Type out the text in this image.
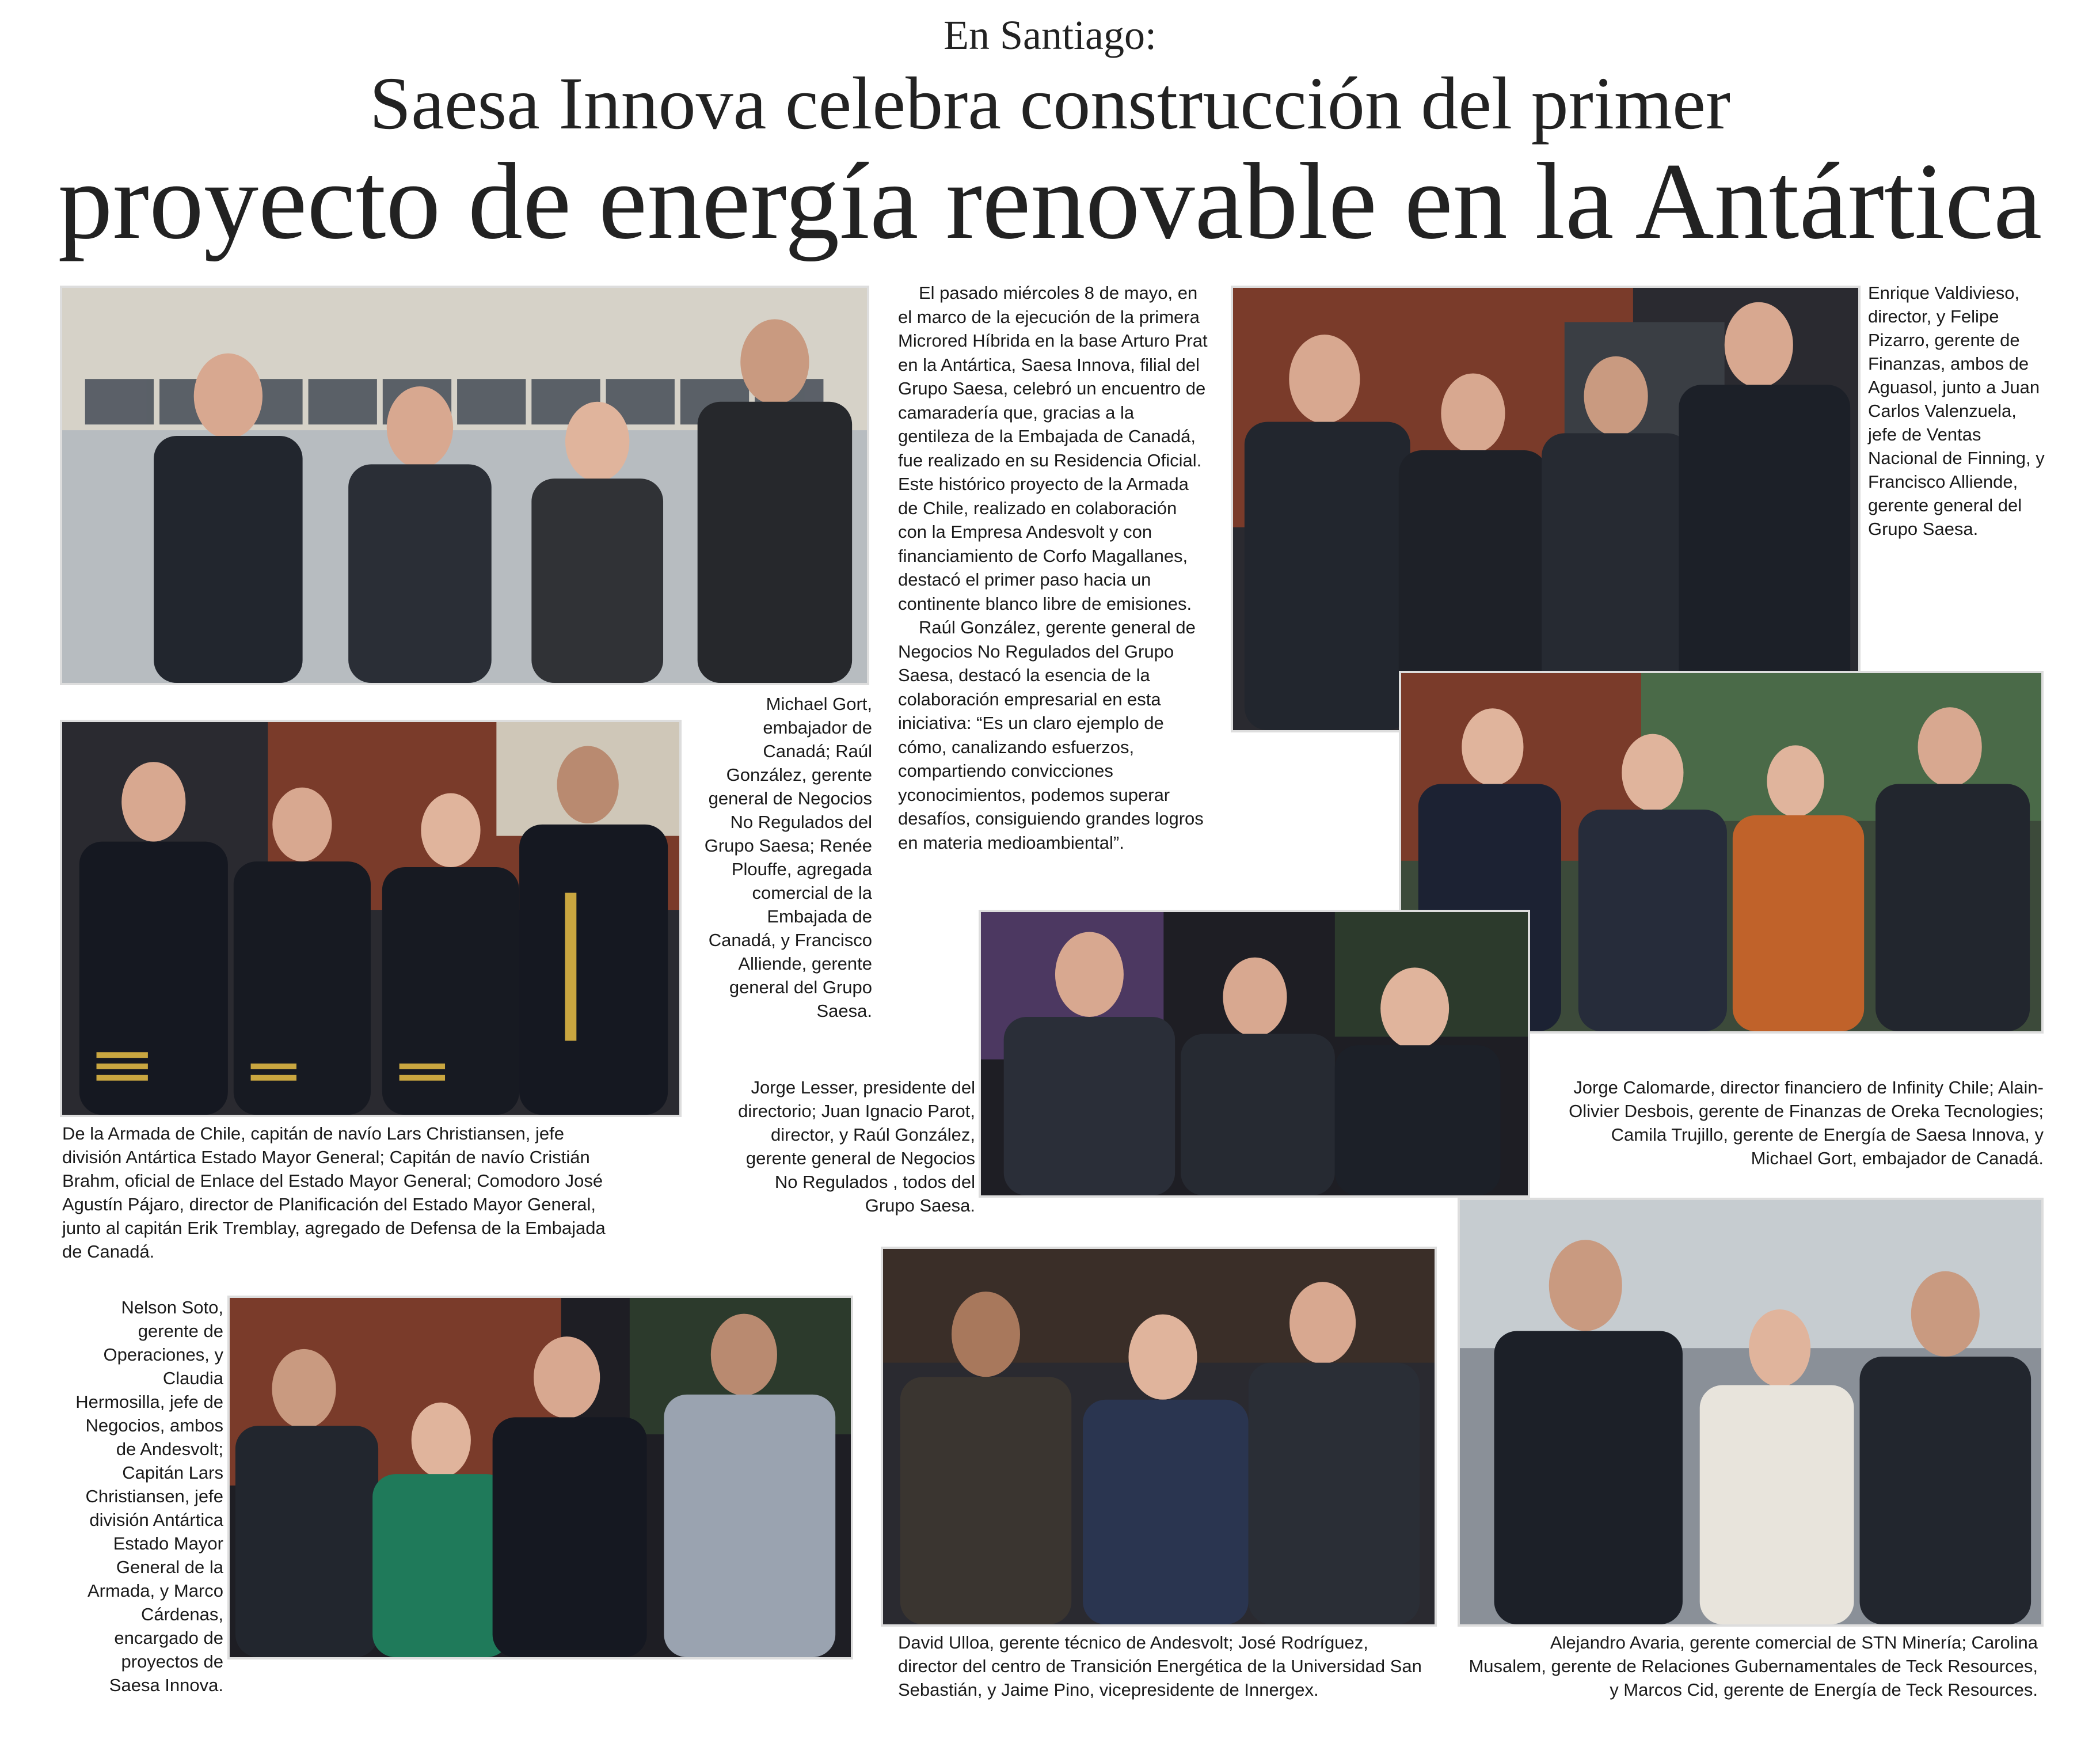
En Santiago:
Saesa Innova celebra construcción del primer
proyecto de energía renovable en la Antártica

El pasado miércoles 8 de mayo, en el marco de la ejecución de la primera Microred Híbrida en la base Arturo Prat en la Antártica, Saesa Innova, filial del Grupo Saesa, celebró un encuentro de camaradería que, gracias a la gentileza de la Embajada de Canadá, fue realizado en su Residencia Oficial. Este histórico proyecto de la Armada de Chile, realizado en colaboración con la Empresa Andesvolt y con financiamiento de Corfo Magallanes, destacó el primer paso hacia un continente blanco libre de emisiones.

Raúl González, gerente general de Negocios No Regulados del Grupo Saesa, destacó la esencia de la colaboración empresarial en esta iniciativa: “Es un claro ejemplo de cómo, canalizando esfuerzos, compartiendo convicciones yconocimientos, podemos superar desafíos, consiguiendo grandes logros en materia medioambiental”.

Michael Gort, embajador de Canadá; Raúl González, gerente general de Negocios No Regulados del Grupo Saesa; Renée Plouffe, agregada comercial de la Embajada de Canadá, y Francisco Alliende, gerente general del Grupo Saesa.

De la Armada de Chile, capitán de navío Lars Christiansen, jefe división Antártica Estado Mayor General; Capitán de navío Cristián Brahm, oficial de Enlace del Estado Mayor General; Comodoro José Agustín Pájaro, director de Planificación del Estado Mayor General, junto al capitán Erik Tremblay, agregado de Defensa de la Embajada de Canadá.

Enrique Valdivieso, director, y Felipe Pizarro, gerente de Finanzas, ambos de Aguasol, junto a Juan Carlos Valenzuela, jefe de Ventas Nacional de Finning, y Francisco Alliende, gerente general del Grupo Saesa.

Jorge Calomarde, director financiero de Infinity Chile; Alain- Olivier Desbois, gerente de Finanzas de Oreka Tecnologies; Camila Trujillo, gerente de Energía de Saesa Innova, y Michael Gort, embajador de Canadá.

Jorge Lesser, presidente del directorio; Juan Ignacio Parot, director, y Raúl González, gerente general de Negocios No Regulados , todos del Grupo Saesa.

Nelson Soto, gerente de Operaciones, y Claudia Hermosilla, jefe de Negocios, ambos de Andesvolt; Capitán Lars Christiansen, jefe división Antártica Estado Mayor General de la Armada, y Marco Cárdenas, encargado de proyectos de Saesa Innova.

David Ulloa, gerente técnico de Andesvolt; José Rodríguez, director del centro de Transición Energética de la Universidad San Sebastián, y Jaime Pino, vicepresidente de Innergex.

Alejandro Avaria, gerente comercial de STN Minería; Carolina Musalem, gerente de Relaciones Gubernamentales de Teck Resources, y Marcos Cid, gerente de Energía de Teck Resources.
